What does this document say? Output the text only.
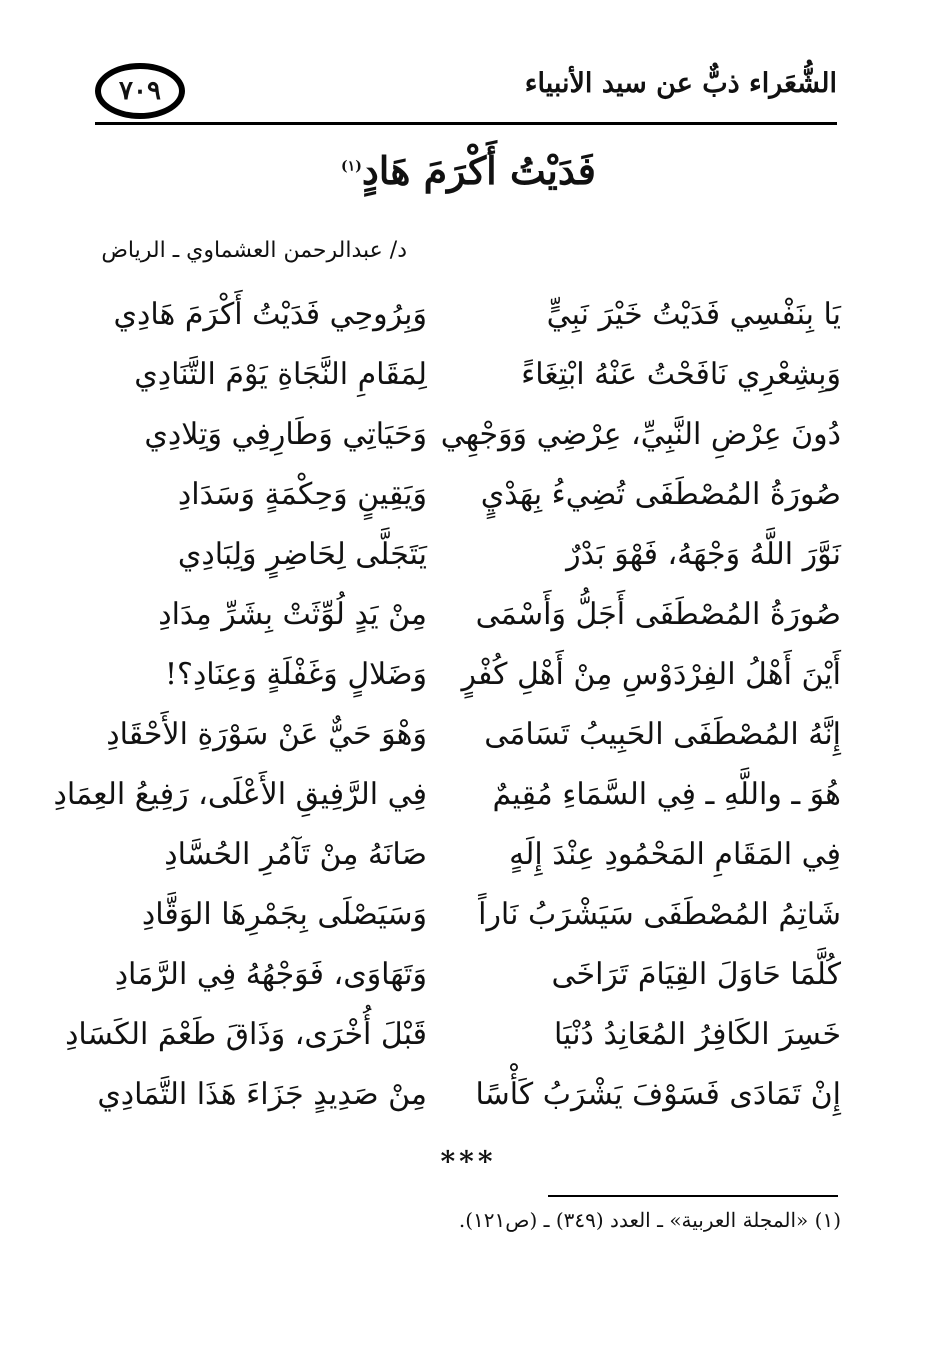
٧٠٩	الشُّعَراء ذبٌّ عن سيد الأنبياء
فَدَيْتُ أَكْرَمَ هَادٍ$^{(١)}$
د/ عبدالرحمن العشماوي ـ الرياض
يَا بِنَفْسِي فَدَيْتُ خَيْرَ نَبِيٍّ
وَبِشِعْرِي نَافَحْتُ عَنْهُ ابْتِغَاءً
دُونَ عِرْضِ النَّبِيِّ، عِرْضِي وَوَجْهِي
صُورَةُ المُصْطَفَى تُضِيءُ بِهَدْيٍ
نَوَّرَ اللَّهُ وَجْهَهُ، فَهْوَ بَدْرٌ
صُورَةُ المُصْطَفَى أَجَلُّ وَأَسْمَى
أَيْنَ أَهْلُ الفِرْدَوْسِ مِنْ أَهْلِ كُفْرٍ
إِنَّهُ المُصْطَفَى الحَبِيبُ تَسَامَى
هُوَ ـ واللَّهِ ـ فِي السَّمَاءِ مُقِيمٌ
فِي المَقَامِ المَحْمُودِ عِنْدَ إِلَهٍ
شَاتِمُ المُصْطَفَى سَيَشْرَبُ نَاراً
كُلَّمَا حَاوَلَ القِيَامَ تَرَاخَى
خَسِرَ الكَافِرُ المُعَانِدُ دُنْيَا
إِنْ تَمَادَى فَسَوْفَ يَشْرَبُ كَأْسًا
وَبِرُوحِي فَدَيْتُ أَكْرَمَ هَادِي
لِمَقَامِ النَّجَاةِ يَوْمَ التَّنَادِي
وَحَيَاتِي وَطَارِفِي وَتِلادِي
وَيَقِينٍ وَحِكْمَةٍ وَسَدَادِ
يَتَجَلَّى لِحَاضِرٍ وَلِبَادِي
مِنْ يَدٍ لُوِّثَتْ بِشَرِّ مِدَادِ
وَضَلالٍ وَغَفْلَةٍ وَعِنَادِ؟!
وَهْوَ حَيٌّ عَنْ سَوْرَةِ الأَحْقَادِ
فِي الرَّفِيقِ الأَعْلَى، رَفِيعُ العِمَادِ
صَانَهُ مِنْ تَآمُرِ الحُسَّادِ
وَسَيَصْلَى بِجَمْرِهَا الوَقَّادِ
وَتَهَاوَى، فَوَجْهُهُ فِي الرَّمَادِ
قَبْلَ أُخْرَى، وَذَاقَ طَعْمَ الكَسَادِ
مِنْ صَدِيدٍ جَزَاءَ هَذَا التَّمَادِي
***
(١) «المجلة العربية» ـ العدد (٣٤٩) ـ (ص١٢١).
